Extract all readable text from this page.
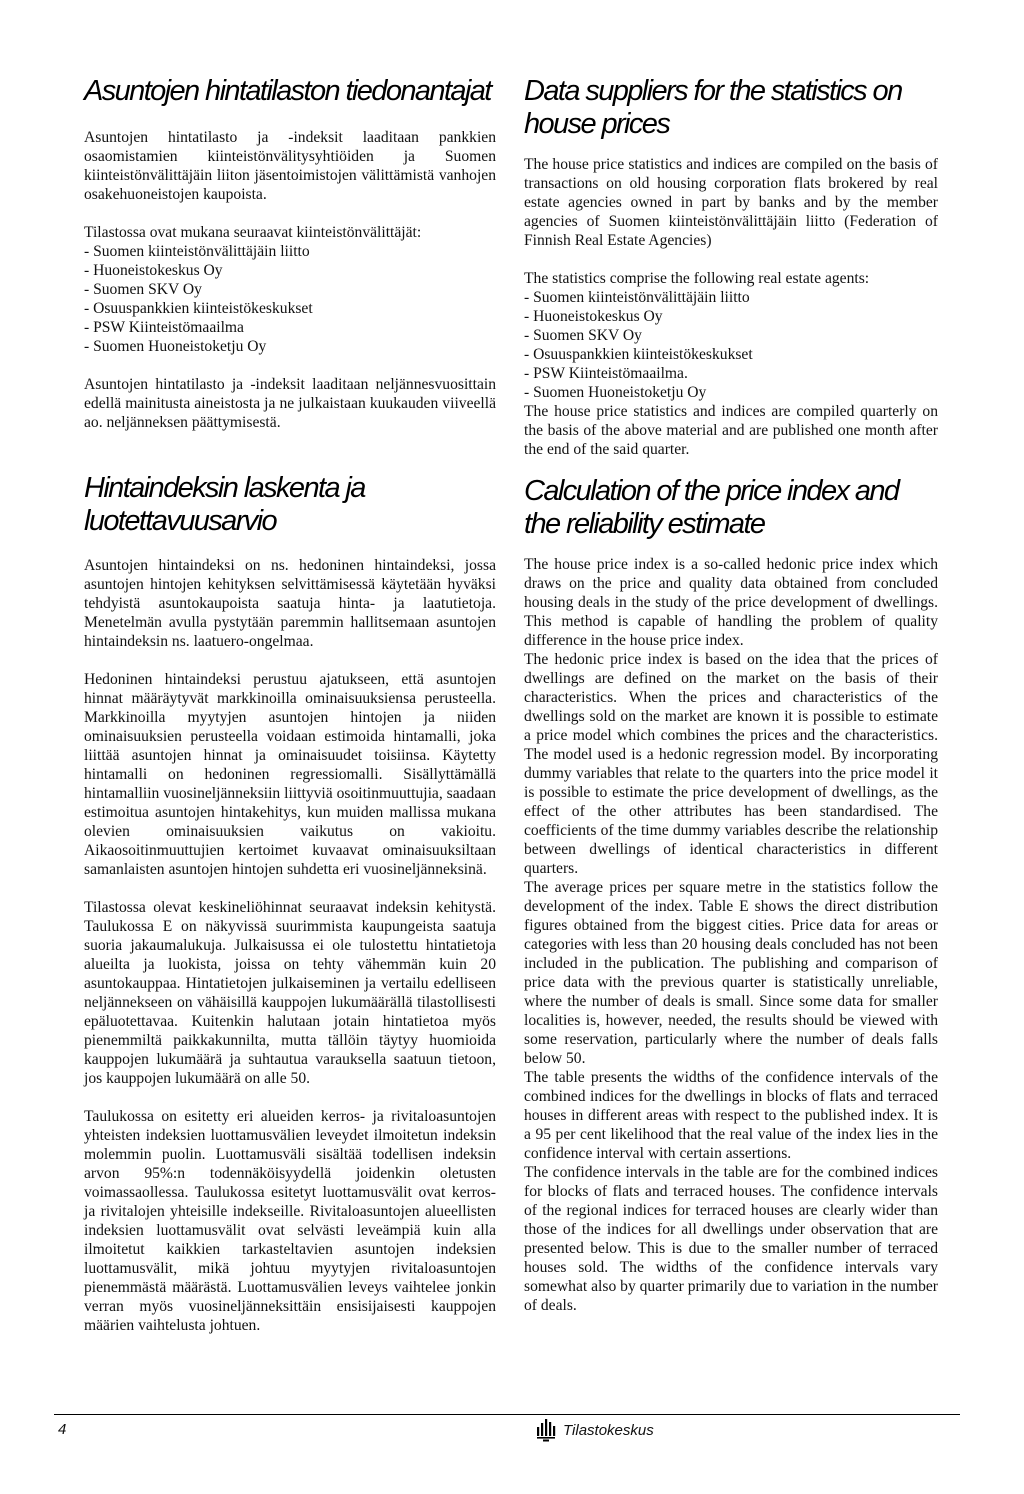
Asuntojen hintatilaston tiedonantajat

Asuntojen hintatilasto ja -indeksit laaditaan pankkien osaomistamien kiinteistönvälitysyhtiöiden ja Suomen kiinteistönvälittäjäin liiton jäsentoimistojen välittämistä vanhojen osakehuoneistojen kaupoista.

Tilastossa ovat mukana seuraavat kiinteistönvälittäjät:

- Suomen kiinteistönvälittäjäin liitto
- Huoneistokeskus Oy
- Suomen SKV Oy
- Osuuspankkien kiinteistökeskukset
- PSW Kiinteistömaailma
- Suomen Huoneistoketju Oy

Asuntojen hintatilasto ja -indeksit laaditaan neljännesvuosittain edellä mainitusta aineistosta ja ne julkaistaan kuukauden viiveellä ao. neljänneksen päättymisestä.

Hintaindeksin laskenta ja luotettavuusarvio

Asuntojen hintaindeksi on ns. hedoninen hintaindeksi, jossa asuntojen hintojen kehityksen selvittämisessä käytetään hyväksi tehdyistä asuntokaupoista saatuja hinta- ja laatutietoja. Menetelmän avulla pystytään paremmin hallitsemaan asuntojen hintaindeksin ns. laatuero-ongelmaa.

Hedoninen hintaindeksi perustuu ajatukseen, että asuntojen hinnat määräytyvät markkinoilla ominaisuuksiensa perusteella. Markkinoilla myytyjen asuntojen hintojen ja niiden ominaisuuksien perusteella voidaan estimoida hintamalli, joka liittää asuntojen hinnat ja ominaisuudet toisiinsa. Käytetty hintamalli on hedoninen regressiomalli. Sisällyttämällä hintamalliin vuosineljänneksiin liittyviä osoitinmuuttujia, saadaan estimoitua asuntojen hintakehitys, kun muiden mallissa mukana olevien ominaisuuksien vaikutus on vakioitu. Aikaosoitinmuuttujien kertoimet kuvaavat ominaisuuksiltaan samanlaisten asuntojen hintojen suhdetta eri vuosineljänneksinä.

Tilastossa olevat keskineliöhinnat seuraavat indeksin kehitystä. Taulukossa E on näkyvissä suurimmista kaupungeista saatuja suoria jakaumalukuja. Julkaisussa ei ole tulostettu hintatietoja alueilta ja luokista, joissa on tehty vähemmän kuin 20 asuntokauppaa. Hintatietojen julkaiseminen ja vertailu edelliseen neljännekseen on vähäisillä kauppojen lukumäärällä tilastollisesti epäluotettavaa. Kuitenkin halutaan jotain hintatietoa myös pienemmiltä paikkakunnilta, mutta tällöin täytyy huomioida kauppojen lukumäärä ja suhtautua varauksella saatuun tietoon, jos kauppojen lukumäärä on alle 50.

Taulukossa on esitetty eri alueiden kerros- ja rivitaloasuntojen yhteisten indeksien luottamusvälien leveydet ilmoitetun indeksin molemmin puolin. Luottamusväli sisältää todellisen indeksin arvon 95%:n todennäköisyydellä joidenkin oletusten voimassaollessa. Taulukossa esitetyt luottamusvälit ovat kerros- ja rivitalojen yhteisille indekseille. Rivitaloasuntojen alueellisten indeksien luottamusvälit ovat selvästi leveämpiä kuin alla ilmoitetut kaikkien tarkasteltavien asuntojen indeksien luottamusvälit, mikä johtuu myytyjen rivitaloasuntojen pienemmästä määrästä. Luottamusvälien leveys vaihtelee jonkin verran myös vuosineljänneksittäin ensisijaisesti kauppojen määrien vaihtelusta johtuen.

Data suppliers for the statistics on house prices

The house price statistics and indices are compiled on the basis of transactions on old housing corporation flats brokered by real estate agencies owned in part by banks and by the member agencies of Suomen kiinteistönvälittäjäin liitto (Federation of Finnish Real Estate Agencies)

The statistics comprise the following real estate agents:

- Suomen kiinteistönvälittäjäin liitto
- Huoneistokeskus Oy
- Suomen SKV Oy
- Osuuspankkien kiinteistökeskukset
- PSW Kiinteistömaailma.
- Suomen Huoneistoketju Oy

The house price statistics and indices are compiled quarterly on the basis of the above material and are published one month after the end of the said quarter.

Calculation of the price index and the reliability estimate

The house price index is a so-called hedonic price index which draws on the price and quality data obtained from concluded housing deals in the study of the price development of dwellings. This method is capable of handling the problem of quality difference in the house price index.

The hedonic price index is based on the idea that the prices of dwellings are defined on the market on the basis of their characteristics. When the prices and characteristics of the dwellings sold on the market are known it is possible to estimate a price model which combines the prices and the characteristics. The model used is a hedonic regression model. By incorporating dummy variables that relate to the quarters into the price model it is possible to estimate the price development of dwellings, as the effect of the other attributes has been standardised. The coefficients of the time dummy variables describe the relationship between dwellings of identical characteristics in different quarters.

The average prices per square metre in the statistics follow the development of the index. Table E shows the direct distribution figures obtained from the biggest cities. Price data for areas or categories with less than 20 housing deals concluded has not been included in the publication. The publishing and comparison of price data with the previous quarter is statistically unreliable, where the number of deals is small. Since some data for smaller localities is, however, needed, the results should be viewed with some reservation, particularly where the number of deals falls below 50.

The table presents the widths of the confidence intervals of the combined indices for the dwellings in blocks of flats and terraced houses in different areas with respect to the published index. It is a 95 per cent likelihood that the real value of the index lies in the confidence interval with certain assertions.

The confidence intervals in the table are for the combined indices for blocks of flats and terraced houses. The confidence intervals of the regional indices for terraced houses are clearly wider than those of the indices for all dwellings under observation that are presented below. This is due to the smaller number of terraced houses sold. The widths of the confidence intervals vary somewhat also by quarter primarily due to variation in the number of deals.

4	Tilastokeskus
